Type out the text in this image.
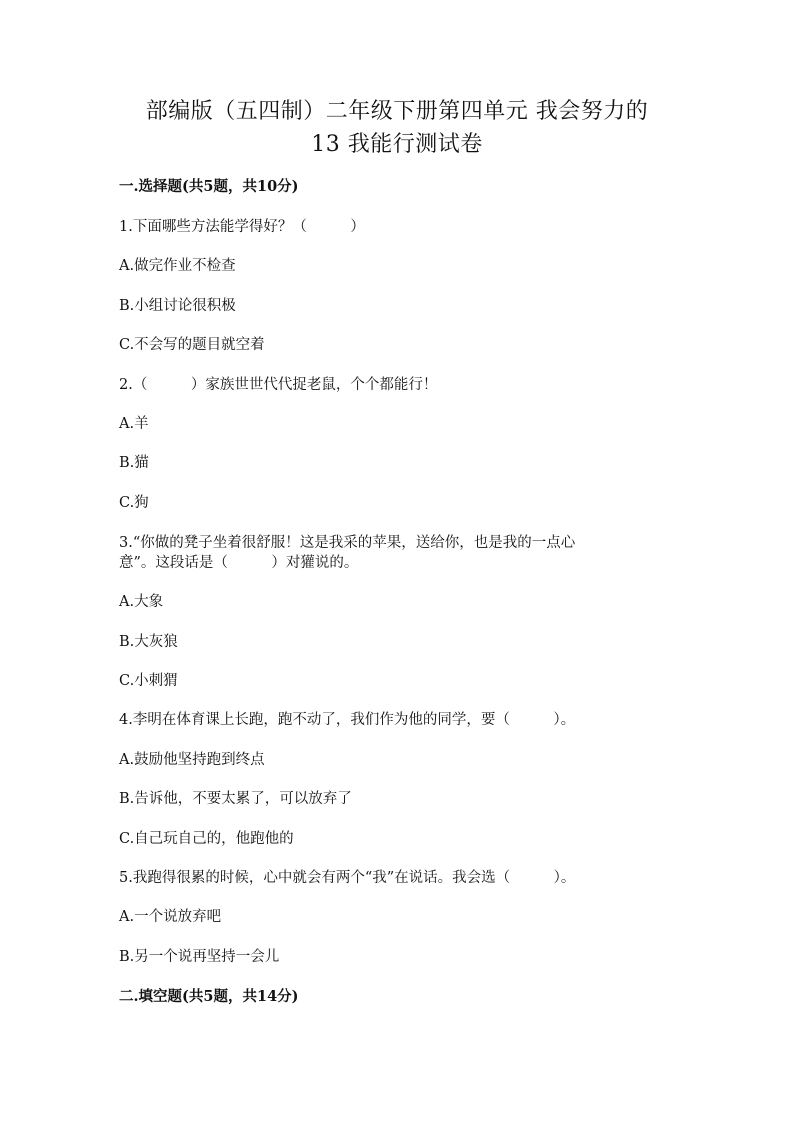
部编版（五四制）二年级下册第四单元 我会努力的
13 我能行测试卷
一.选择题(共5题，共10分)
1.下面哪些方法能学得好？（　　　）
A.做完作业不检查
B.小组讨论很积极
C.不会写的题目就空着
2.（　　　）家族世世代代捉老鼠，个个都能行！
A.羊
B.猫
C.狗
3.“你做的凳子坐着很舒服！这是我采的苹果，送给你，也是我的一点心
意”。这段话是（　　　）对獾说的。
A.大象
B.大灰狼
C.小刺猬
4.李明在体育课上长跑，跑不动了，我们作为他的同学，要（　　　）。
A.鼓励他坚持跑到终点
B.告诉他，不要太累了，可以放弃了
C.自己玩自己的，他跑他的
5.我跑得很累的时候，心中就会有两个“我”在说话。我会选（　　　）。
A.一个说放弃吧
B.另一个说再坚持一会儿
二.填空题(共5题，共14分)
